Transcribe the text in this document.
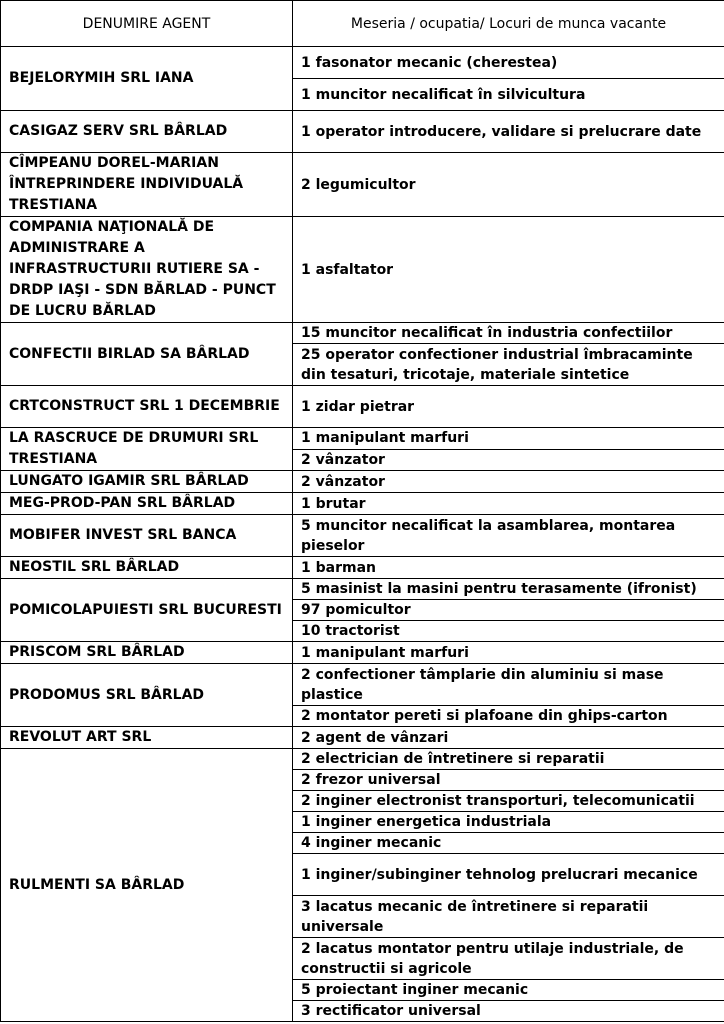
DENUMIRE AGENT	Meseria / ocupatia/ Locuri de munca vacante
BEJELORYMIH SRL IANA	1 fasonator mecanic (cherestea)
	1 muncitor necalificat în silvicultura
CASIGAZ SERV SRL BÂRLAD	1 operator introducere, validare si prelucrare date
CÎMPEANU DOREL-MARIAN ÎNTREPRINDERE INDIVIDUALĂ TRESTIANA	2 legumicultor
COMPANIA NAŢIONALĂ DE ADMINISTRARE A INFRASTRUCTURII RUTIERE SA - DRDP IAŞI - SDN BĂRLAD - PUNCT DE LUCRU BĂRLAD	1 asfaltator
CONFECTII BIRLAD SA BÂRLAD	15 muncitor necalificat în industria confectiilor
	25 operator confectioner industrial îmbracaminte din tesaturi, tricotaje, materiale sintetice
CRTCONSTRUCT SRL 1 DECEMBRIE	1 zidar pietrar
LA RASCRUCE DE DRUMURI SRL TRESTIANA	1 manipulant marfuri
	2 vânzator
LUNGATO IGAMIR SRL BÂRLAD	2 vânzator
MEG-PROD-PAN SRL BÂRLAD	1 brutar
MOBIFER INVEST SRL BANCA	5 muncitor necalificat la asamblarea, montarea pieselor
NEOSTIL SRL BÂRLAD	1 barman
POMICOLAPUIESTI SRL BUCURESTI	5 masinist la masini pentru terasamente (ifronist)
	97 pomicultor
	10 tractorist
PRISCOM SRL BÂRLAD	1 manipulant marfuri
PRODOMUS SRL BÂRLAD	2 confectioner tâmplarie din aluminiu si mase plastice
	2 montator pereti si plafoane din ghips-carton
REVOLUT ART SRL	2 agent de vânzari
RULMENTI SA BÂRLAD	2 electrician de întretinere si reparatii
	2 frezor universal
	2 inginer electronist transporturi, telecomunicatii
	1 inginer energetica industriala
	4 inginer mecanic
	1 inginer/subinginer tehnolog prelucrari mecanice
	3 lacatus mecanic de întretinere si reparatii universale
	2 lacatus montator pentru utilaje industriale, de constructii si agricole
	5 proiectant inginer mecanic
	3 rectificator universal
